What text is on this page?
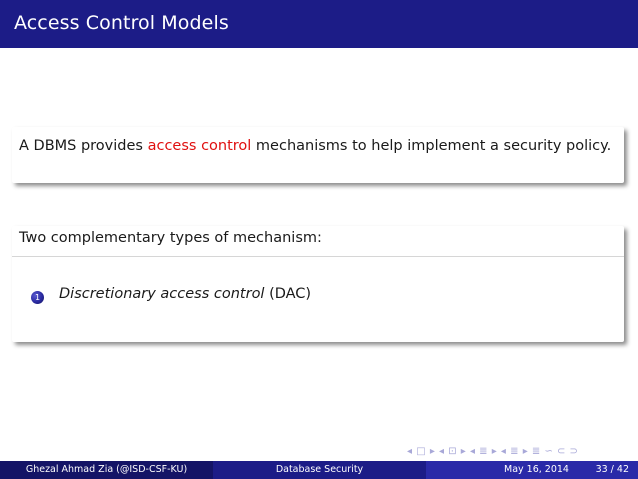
Access Control Models
A DBMS provides access control mechanisms to help implement a security policy.
Two complementary types of mechanism:
1 Discretionary access control (DAC)
◂ □ ▸ ◂ ⊡ ▸ ◂ ≣ ▸ ◂ ≣ ▸ ≣ ∽ ⊂ ⊃
Ghezal Ahmad Zia (@ISD-CSF-KU)	Database Security	May 16, 2014	33 / 42
